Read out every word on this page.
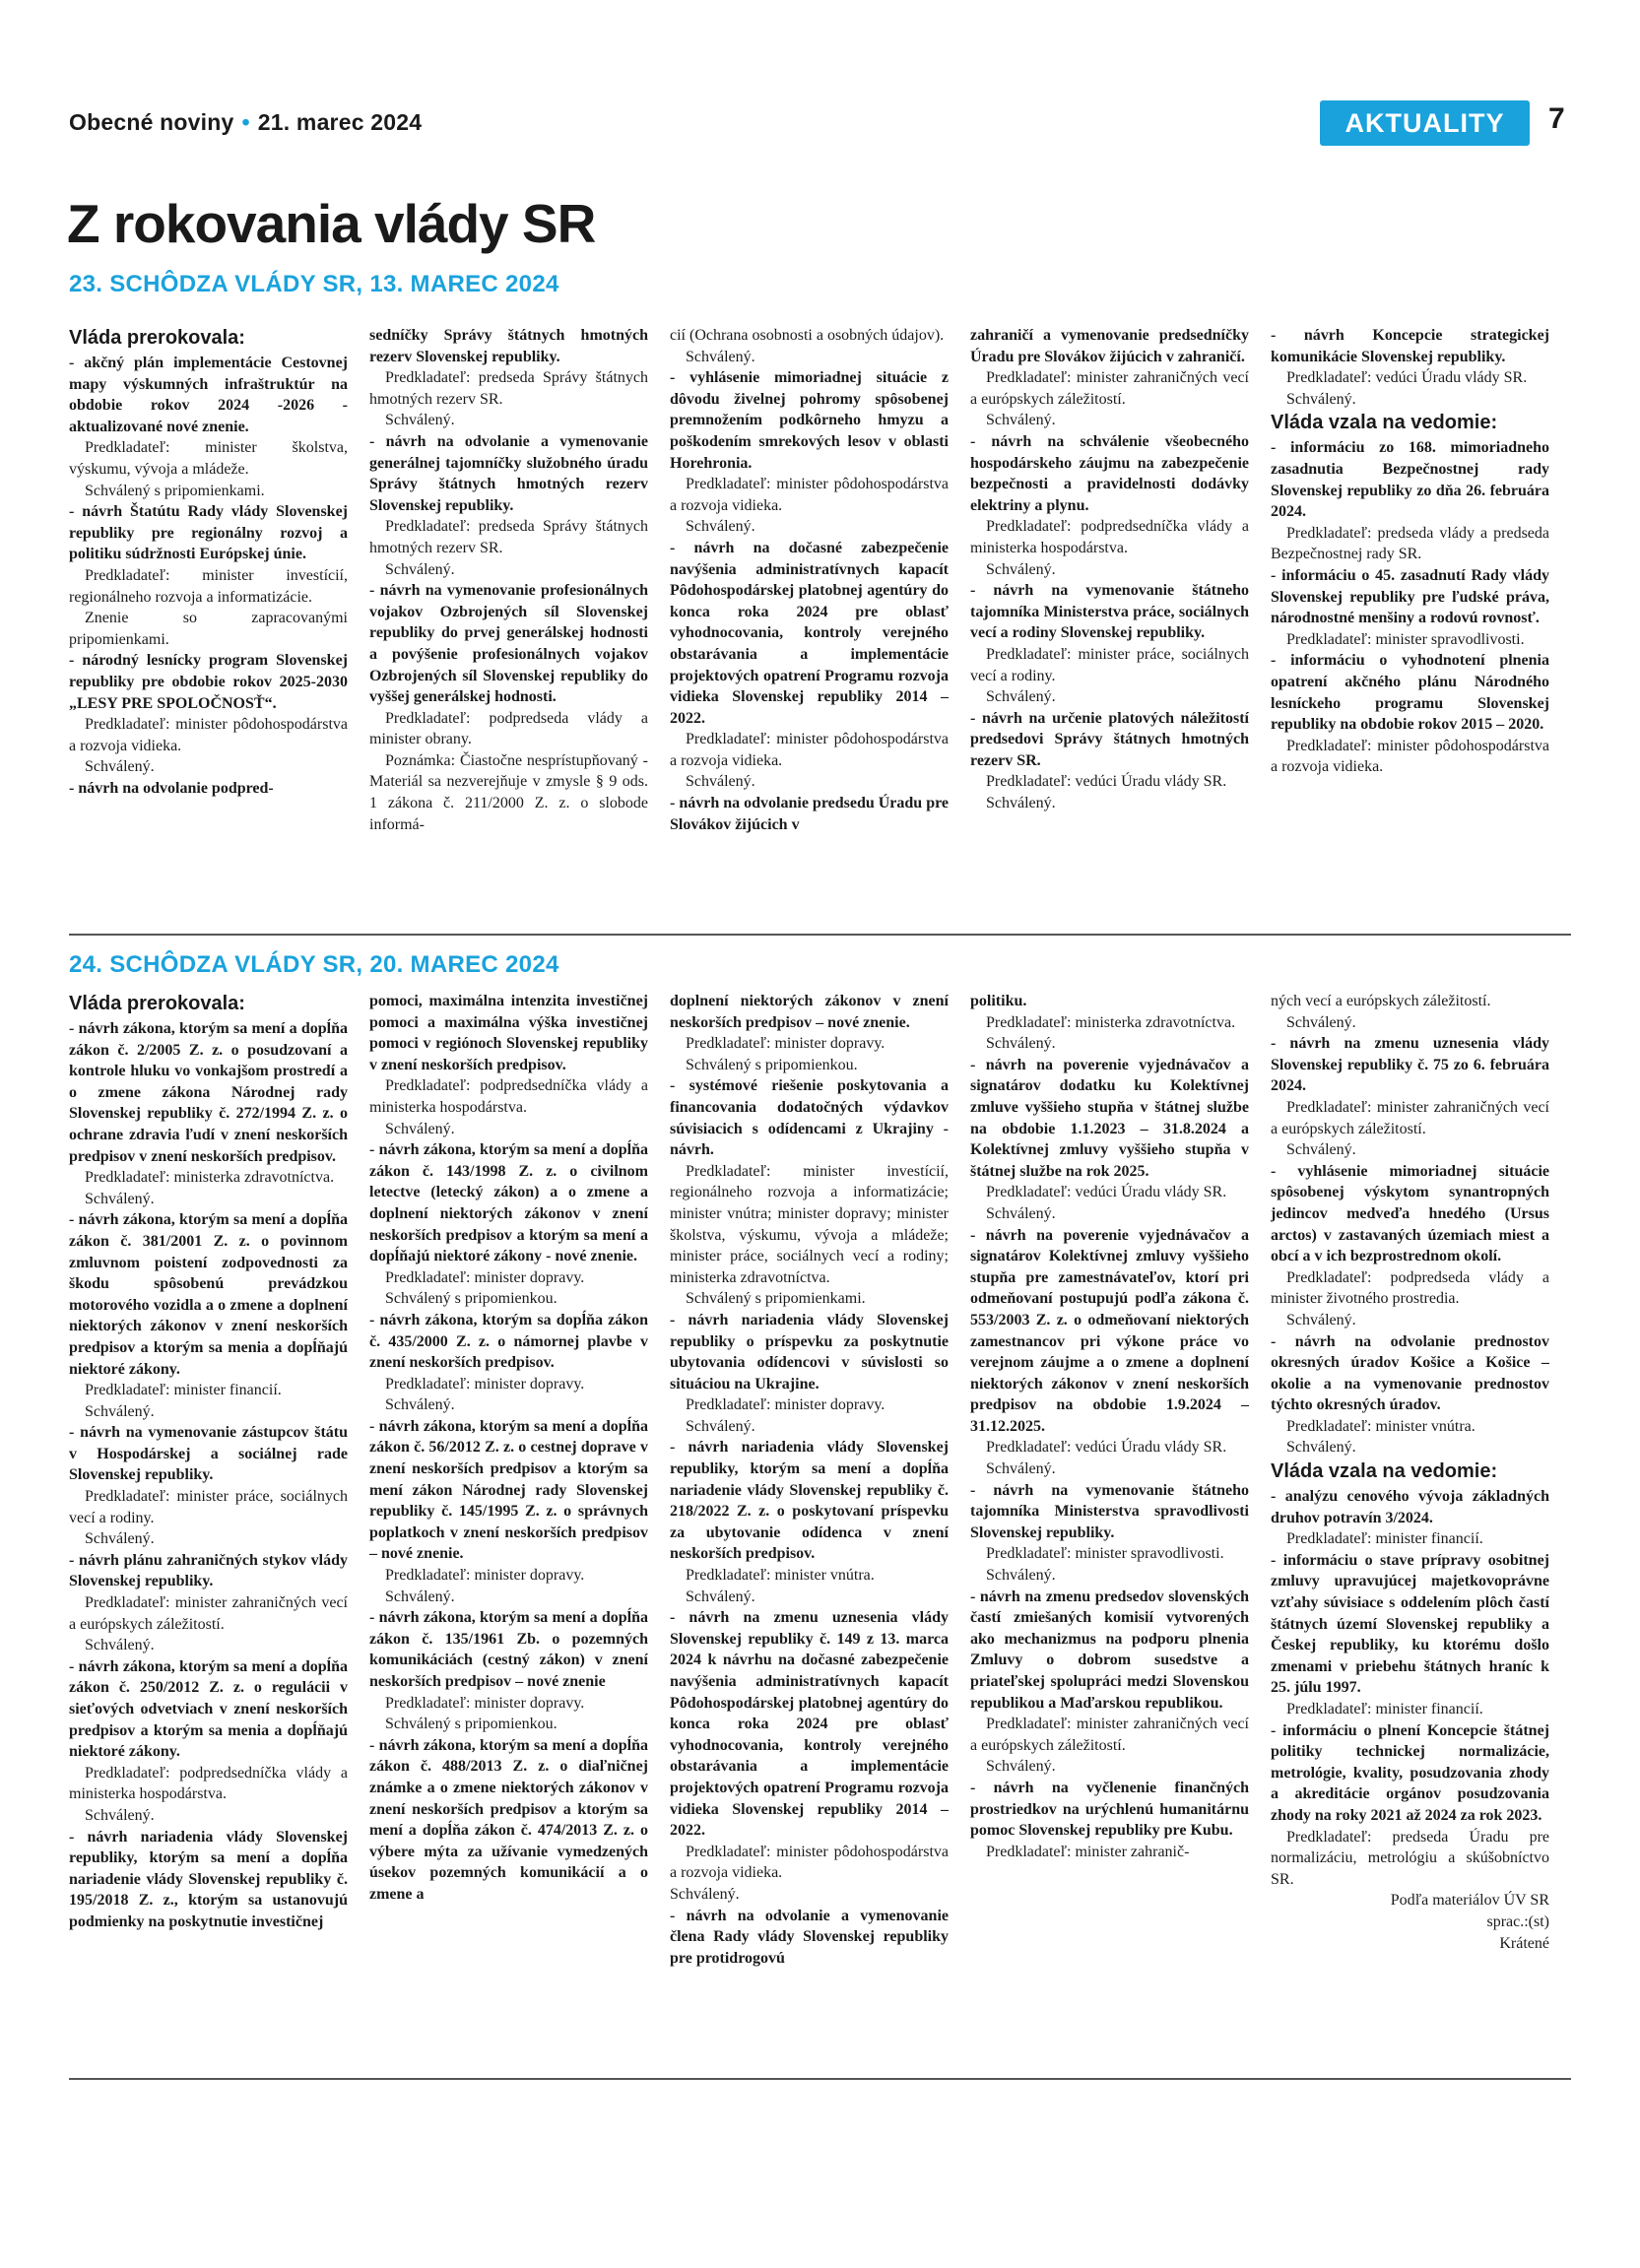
Obecné noviny • 21. marec 2024	AKTUALITY	7
Z rokovania vlády SR
23. SCHÔDZA VLÁDY SR, 13. MAREC 2024

Vláda prerokovala:

- akčný plán implementácie Cestovnej mapy výskumných infraštruktúr na obdobie rokov 2024 -2026 - aktualizované nové znenie.

Predkladateľ: minister školstva, výskumu, vývoja a mládeže.

Schválený s pripomienkami.

- návrh Štatútu Rady vlády Slovenskej republiky pre regionálny rozvoj a politiku súdržnosti Európskej únie.

Predkladateľ: minister investícií, regionálneho rozvoja a informatizácie.

Znenie so zapracovanými pripomienkami.

- národný lesnícky program Slovenskej republiky pre obdobie rokov 2025-2030 „LESY PRE SPOLOČNOSŤ“.

Predkladateľ: minister pôdohospodárstva a rozvoja vidieka.

Schválený.

- návrh na odvolanie podpred-

sedníčky Správy štátnych hmotných rezerv Slovenskej republiky.

Predkladateľ: predseda Správy štátnych hmotných rezerv SR.

Schválený.

- návrh na odvolanie a vymenovanie generálnej tajomníčky služobného úradu Správy štátnych hmotných rezerv Slovenskej republiky.

Predkladateľ: predseda Správy štátnych hmotných rezerv SR.

Schválený.

- návrh na vymenovanie profesionálnych vojakov Ozbrojených síl Slovenskej republiky do prvej generálskej hodnosti a povýšenie profesionálnych vojakov Ozbrojených síl Slovenskej republiky do vyššej generálskej hodnosti.

Predkladateľ: podpredseda vlády a minister obrany.

Poznámka: Čiastočne nesprístupňovaný - Materiál sa nezverejňuje v zmysle § 9 ods. 1 zákona č. 211/2000 Z. z. o slobode informá-

cií (Ochrana osobnosti a osobných údajov).

Schválený.

- vyhlásenie mimoriadnej situácie z dôvodu živelnej pohromy spôsobenej premnožením podkôrneho hmyzu a poškodením smrekových lesov v oblasti Horehronia.

Predkladateľ: minister pôdohospodárstva a rozvoja vidieka.

Schválený.

- návrh na dočasné zabezpečenie navýšenia administratívnych kapacít Pôdohospodárskej platobnej agentúry do konca roka 2024 pre oblasť vyhodnocovania, kontroly verejného obstarávania a implementácie projektových opatrení Programu rozvoja vidieka Slovenskej republiky 2014 – 2022.

Predkladateľ: minister pôdohospodárstva a rozvoja vidieka.

Schválený.

- návrh na odvolanie predsedu Úradu pre Slovákov žijúcich v

zahraničí a vymenovanie predsedníčky Úradu pre Slovákov žijúcich v zahraničí.

Predkladateľ: minister zahraničných vecí a európskych záležitostí.

Schválený.

- návrh na schválenie všeobecného hospodárskeho záujmu na zabezpečenie bezpečnosti a pravidelnosti dodávky elektriny a plynu.

Predkladateľ: podpredsedníčka vlády a ministerka hospodárstva.

Schválený.

- návrh na vymenovanie štátneho tajomníka Ministerstva práce, sociálnych vecí a rodiny Slovenskej republiky.

Predkladateľ: minister práce, sociálnych vecí a rodiny.

Schválený.

- návrh na určenie platových náležitostí predsedovi Správy štátnych hmotných rezerv SR.

Predkladateľ: vedúci Úradu vlády SR.

Schválený.

- návrh Koncepcie strategickej komunikácie Slovenskej republiky.

Predkladateľ: vedúci Úradu vlády SR.

Schválený.

Vláda vzala na vedomie:

- informáciu zo 168. mimoriadneho zasadnutia Bezpečnostnej rady Slovenskej republiky zo dňa 26. februára 2024.

Predkladateľ: predseda vlády a predseda Bezpečnostnej rady SR.

- informáciu o 45. zasadnutí Rady vlády Slovenskej republiky pre ľudské práva, národnostné menšiny a rodovú rovnosť.

Predkladateľ: minister spravodlivosti.

- informáciu o vyhodnotení plnenia opatrení akčného plánu Národného lesníckeho programu Slovenskej republiky na obdobie rokov 2015 – 2020.

Predkladateľ: minister pôdohospodárstva a rozvoja vidieka.

24. SCHÔDZA VLÁDY SR, 20. MAREC 2024

Vláda prerokovala:

- návrh zákona, ktorým sa mení a dopĺňa zákon č. 2/2005 Z. z. o posudzovaní a kontrole hluku vo vonkajšom prostredí a o zmene zákona Národnej rady Slovenskej republiky č. 272/1994 Z. z. o ochrane zdravia ľudí v znení neskorších predpisov v znení neskorších predpisov.

Predkladateľ: ministerka zdravotníctva.

Schválený.

- návrh zákona, ktorým sa mení a dopĺňa zákon č. 381/2001 Z. z. o povinnom zmluvnom poistení zodpovednosti za škodu spôsobenú prevádzkou motorového vozidla a o zmene a doplnení niektorých zákonov v znení neskorších predpisov a ktorým sa menia a dopĺňajú niektoré zákony.

Predkladateľ: minister financií.

Schválený.

- návrh na vymenovanie zástupcov štátu v Hospodárskej a sociálnej rade Slovenskej republiky.

Predkladateľ: minister práce, sociálnych vecí a rodiny.

Schválený.

- návrh plánu zahraničných stykov vlády Slovenskej republiky.

Predkladateľ: minister zahraničných vecí a európskych záležitostí.

Schválený.

- návrh zákona, ktorým sa mení a dopĺňa zákon č. 250/2012 Z. z. o regulácii v sieťových odvetviach v znení neskorších predpisov a ktorým sa menia a dopĺňajú niektoré zákony.

Predkladateľ: podpredsedníčka vlády a ministerka hospodárstva.

Schválený.

- návrh nariadenia vlády Slovenskej republiky, ktorým sa mení a dopĺňa nariadenie vlády Slovenskej republiky č. 195/2018 Z. z., ktorým sa ustanovujú podmienky na poskytnutie investičnej

pomoci, maximálna intenzita investičnej pomoci a maximálna výška investičnej pomoci v regiónoch Slovenskej republiky v znení neskorších predpisov.

Predkladateľ: podpredsedníčka vlády a ministerka hospodárstva.

Schválený.

- návrh zákona, ktorým sa mení a dopĺňa zákon č. 143/1998 Z. z. o civilnom letectve (letecký zákon) a o zmene a doplnení niektorých zákonov v znení neskorších predpisov a ktorým sa mení a dopĺňajú niektoré zákony - nové znenie.

Predkladateľ: minister dopravy.

Schválený s pripomienkou.

- návrh zákona, ktorým sa dopĺňa zákon č. 435/2000 Z. z. o námornej plavbe v znení neskorších predpisov.

Predkladateľ: minister dopravy.

Schválený.

- návrh zákona, ktorým sa mení a dopĺňa zákon č. 56/2012 Z. z. o cestnej doprave v znení neskorších predpisov a ktorým sa mení zákon Národnej rady Slovenskej republiky č. 145/1995 Z. z. o správnych poplatkoch v znení neskorších predpisov – nové znenie.

Predkladateľ: minister dopravy.

Schválený.

- návrh zákona, ktorým sa mení a dopĺňa zákon č. 135/1961 Zb. o pozemných komunikáciách (cestný zákon) v znení neskorších predpisov – nové znenie

Predkladateľ: minister dopravy.

Schválený s pripomienkou.

- návrh zákona, ktorým sa mení a dopĺňa zákon č. 488/2013 Z. z. o diaľničnej známke a o zmene niektorých zákonov v znení neskorších predpisov a ktorým sa mení a dopĺňa zákon č. 474/2013 Z. z. o výbere mýta za užívanie vymedzených úsekov pozemných komunikácií a o zmene a

doplnení niektorých zákonov v znení neskorších predpisov – nové znenie.

Predkladateľ: minister dopravy.

Schválený s pripomienkou.

- systémové riešenie poskytovania a financovania dodatočných výdavkov súvisiacich s odídencami z Ukrajiny - návrh.

Predkladateľ: minister investícií, regionálneho rozvoja a informatizácie; minister vnútra; minister dopravy; minister školstva, výskumu, vývoja a mládeže; minister práce, sociálnych vecí a rodiny; ministerka zdravotníctva.

Schválený s pripomienkami.

- návrh nariadenia vlády Slovenskej republiky o príspevku za poskytnutie ubytovania odídencovi v súvislosti so situáciou na Ukrajine.

Predkladateľ: minister dopravy.

Schválený.

- návrh nariadenia vlády Slovenskej republiky, ktorým sa mení a dopĺňa nariadenie vlády Slovenskej republiky č. 218/2022 Z. z. o poskytovaní príspevku za ubytovanie odídenca v znení neskorších predpisov.

Predkladateľ: minister vnútra.

Schválený.

- návrh na zmenu uznesenia vlády Slovenskej republiky č. 149 z 13. marca 2024 k návrhu na dočasné zabezpečenie navýšenia administratívnych kapacít Pôdohospodárskej platobnej agentúry do konca roka 2024 pre oblasť vyhodnocovania, kontroly verejného obstarávania a implementácie projektových opatrení Programu rozvoja vidieka Slovenskej republiky 2014 – 2022.

Predkladateľ: minister pôdohospodárstva a rozvoja vidieka.

Schválený.

- návrh na odvolanie a vymenovanie člena Rady vlády Slovenskej republiky pre protidrogovú

politiku.

Predkladateľ: ministerka zdravotníctva.

Schválený.

- návrh na poverenie vyjednávačov a signatárov dodatku ku Kolektívnej zmluve vyššieho stupňa v štátnej službe na obdobie 1.1.2023 – 31.8.2024 a Kolektívnej zmluvy vyššieho stupňa v štátnej službe na rok 2025.

Predkladateľ: vedúci Úradu vlády SR.

Schválený.

- návrh na poverenie vyjednávačov a signatárov Kolektívnej zmluvy vyššieho stupňa pre zamestnávateľov, ktorí pri odmeňovaní postupujú podľa zákona č. 553/2003 Z. z. o odmeňovaní niektorých zamestnancov pri výkone práce vo verejnom záujme a o zmene a doplnení niektorých zákonov v znení neskorších predpisov na obdobie 1.9.2024 – 31.12.2025.

Predkladateľ: vedúci Úradu vlády SR.

Schválený.

- návrh na vymenovanie štátneho tajomníka Ministerstva spravodlivosti Slovenskej republiky.

Predkladateľ: minister spravodlivosti.

Schválený.

- návrh na zmenu predsedov slovenských častí zmiešaných komisií vytvorených ako mechanizmus na podporu plnenia Zmluvy o dobrom susedstve a priateľskej spolupráci medzi Slovenskou republikou a Maďarskou republikou.

Predkladateľ: minister zahraničných vecí a európskych záležitostí.

Schválený.

- návrh na vyčlenenie finančných prostriedkov na urýchlenú humanitárnu pomoc Slovenskej republiky pre Kubu.

Predkladateľ: minister zahranič-

ných vecí a európskych záležitostí.

Schválený.

- návrh na zmenu uznesenia vlády Slovenskej republiky č. 75 zo 6. februára 2024.

Predkladateľ: minister zahraničných vecí a európskych záležitostí.

Schválený.

- vyhlásenie mimoriadnej situácie spôsobenej výskytom synantropných jedincov medveďa hnedého (Ursus arctos) v zastavaných územiach miest a obcí a v ich bezprostrednom okolí.

Predkladateľ: podpredseda vlády a minister životného prostredia.

Schválený.

- návrh na odvolanie prednostov okresných úradov Košice a Košice – okolie a na vymenovanie prednostov týchto okresných úradov.

Predkladateľ: minister vnútra.

Schválený.

Vláda vzala na vedomie:

- analýzu cenového vývoja základných druhov potravín 3/2024.

Predkladateľ: minister financií.

- informáciu o stave prípravy osobitnej zmluvy upravujúcej majetkovoprávne vzťahy súvisiace s oddelením plôch častí štátnych území Slovenskej republiky a Českej republiky, ku ktorému došlo zmenami v priebehu štátnych hraníc k 25. júlu 1997.

Predkladateľ: minister financií.

- informáciu o plnení Koncepcie štátnej politiky technickej normalizácie, metrológie, kvality, posudzovania zhody a akreditácie orgánov posudzovania zhody na roky 2021 až 2024 za rok 2023.

Predkladateľ: predseda Úradu pre normalizáciu, metrológiu a skúšobníctvo SR.

Podľa materiálov ÚV SR

sprac.:(st)

Krátené
